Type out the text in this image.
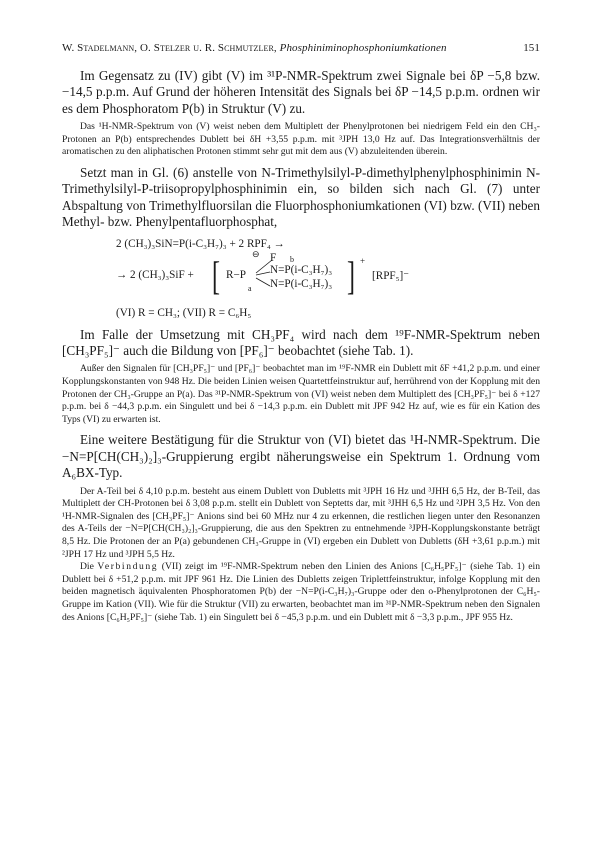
W. Stadelmann, O. Stelzer u. R. Schmutzler, Phosphiniminophosphoniumkationen	151

Im Gegensatz zu (IV) gibt (V) im ³¹P-NMR-Spektrum zwei Signale bei δP −5,8 bzw. −14,5 p.p.m. Auf Grund der höheren Intensität des Signals bei δP −14,5 p.p.m. ordnen wir es dem Phosphoratom P(b) in Struktur (V) zu.

Das ¹H-NMR-Spektrum von (V) weist neben dem Multiplett der Phenylprotonen bei niedrigem Feld ein den CH₃-Protonen an P(b) entsprechendes Dublett bei δH +3,55 p.p.m. mit ³JPH 13,0 Hz auf. Das Integrationsverhältnis der aromatischen zu den aliphatischen Protonen stimmt sehr gut mit dem aus (V) abzuleitenden überein.

Setzt man in Gl. (6) anstelle von N-Trimethylsilyl-P-dimethylphenylphosphinimin N-Trimethylsilyl-P-triisopropylphosphinimin ein, so bilden sich nach Gl. (7) unter Abspaltung von Trimethylfluorsilan die Fluorphosphoniumkationen (VI) bzw. (VII) neben Methyl- bzw. Phenylpentafluorphosphat,

2 (CH₃)₃SiN=P(i-C₃H₇)₃ + 2 RPF₄ →

→ 2 (CH₃)₃SiF + [ R−P
⊖ F b
N=P(i-C₃H₇)₃
N=P(i-C₃H₇)₃
a ] +
[RPF₅]⁻

(VI) R = CH₃; (VII) R = C₆H₅

Im Falle der Umsetzung mit CH₃PF₄ wird nach dem ¹⁹F-NMR-Spektrum neben [CH₃PF₅]⁻ auch die Bildung von [PF₆]⁻ beobachtet (siehe Tab. 1).

Außer den Signalen für [CH₃PF₅]⁻ und [PF₆]⁻ beobachtet man im ¹⁹F-NMR ein Dublett mit δF +41,2 p.p.m. und einer Kopplungskonstanten von 948 Hz. Die beiden Linien weisen Quartettfeinstruktur auf, herrührend von der Kopplung mit den Protonen der CH₃-Gruppe an P(a). Das ³¹P-NMR-Spektrum von (VI) weist neben dem Multiplett des [CH₃PF₅]⁻ bei δ +127 p.p.m. bei δ −44,3 p.p.m. ein Singulett und bei δ −14,3 p.p.m. ein Dublett mit JPF 942 Hz auf, wie es für ein Kation des Typs (VI) zu erwarten ist.

Eine weitere Bestätigung für die Struktur von (VI) bietet das ¹H-NMR-Spektrum. Die −N=P[CH(CH₃)₂]₃-Gruppierung ergibt näherungsweise ein Spektrum 1. Ordnung vom A₆BX-Typ.

Der A-Teil bei δ 4,10 p.p.m. besteht aus einem Dublett von Dubletts mit ³JPH 16 Hz und ³JHH 6,5 Hz, der B-Teil, das Multiplett der CH-Protonen bei δ 3,08 p.p.m. stellt ein Dublett von Septetts dar, mit ³JHH 6,5 Hz und ²JPH 3,5 Hz. Von den ¹H-NMR-Signalen des [CH₃PF₅]⁻ Anions sind bei 60 MHz nur 4 zu erkennen, die restlichen liegen unter den Resonanzen des A-Teils der −N=P[CH(CH₃)₂]₃-Gruppierung, die aus den Spektren zu entnehmende ³JPH-Kopplungskonstante beträgt 8,5 Hz. Die Protonen der an P(a) gebundenen CH₃-Gruppe in (VI) ergeben ein Dublett von Dubletts (δH +3,61 p.p.m.) mit ²JPH 17 Hz und ³JPH 5,5 Hz.

Die Verbindung (VII) zeigt im ¹⁹F-NMR-Spektrum neben den Linien des Anions [C₆H₅PF₅]⁻ (siehe Tab. 1) ein Dublett bei δ +51,2 p.p.m. mit JPF 961 Hz. Die Linien des Dubletts zeigen Triplettfeinstruktur, infolge Kopplung mit den beiden magnetisch äquivalenten Phosphoratomen P(b) der −N=P(i-C₃H₇)₃-Gruppe oder den o-Phenylprotonen der C₆H₅-Gruppe im Kation (VII). Wie für die Struktur (VII) zu erwarten, beobachtet man im ³¹P-NMR-Spektrum neben den Signalen des Anions [C₆H₅PF₅]⁻ (siehe Tab. 1) ein Singulett bei δ −45,3 p.p.m. und ein Dublett mit δ −3,3 p.p.m., JPF 955 Hz.
